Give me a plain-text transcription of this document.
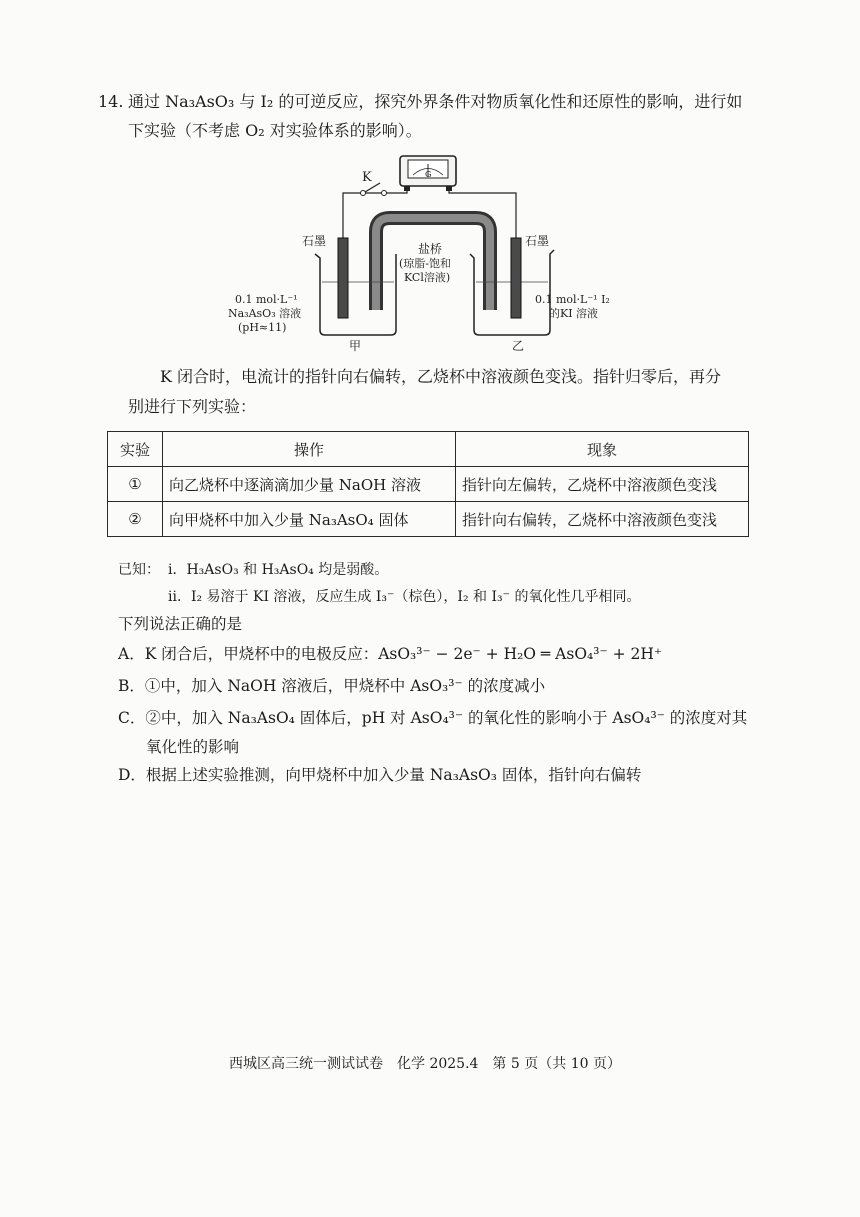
14. 通过 Na₃AsO₃ 与 I₂ 的可逆反应，探究外界条件对物质氧化性和还原性的影响，进行如
下实验（不考虑 O₂ 对实验体系的影响）。
G
K
石墨	石墨
盐桥
(琼脂-饱和
KCl溶液)
0.1 mol·L⁻¹
Na₃AsO₃ 溶液
(pH≈11)
0.1 mol·L⁻¹ I₂
的KI 溶液
甲	乙
K 闭合时，电流计的指针向右偏转，乙烧杯中溶液颜色变浅。指针归零后，再分
别进行下列实验：
实验	操作	现象
①	向乙烧杯中逐滴滴加少量 NaOH 溶液	指针向左偏转，乙烧杯中溶液颜色变浅
②	向甲烧杯中加入少量 Na₃AsO₄ 固体	指针向右偏转，乙烧杯中溶液颜色变浅
已知： ⅰ．H₃AsO₃ 和 H₃AsO₄ 均是弱酸。
ⅱ．I₂ 易溶于 KI 溶液，反应生成 I₃⁻（棕色），I₂ 和 I₃⁻ 的氧化性几乎相同。
下列说法正确的是
A．K 闭合后，甲烧杯中的电极反应：AsO₃³⁻ − 2e⁻ + H₂O ═ AsO₄³⁻ + 2H⁺
B．①中，加入 NaOH 溶液后，甲烧杯中 AsO₃³⁻ 的浓度减小
C．②中，加入 Na₃AsO₄ 固体后，pH 对 AsO₄³⁻ 的氧化性的影响小于 AsO₄³⁻ 的浓度对其
氧化性的影响
D．根据上述实验推测，向甲烧杯中加入少量 Na₃AsO₃ 固体，指针向右偏转
西城区高三统一测试试卷　化学 2025.4　第 5 页（共 10 页）
